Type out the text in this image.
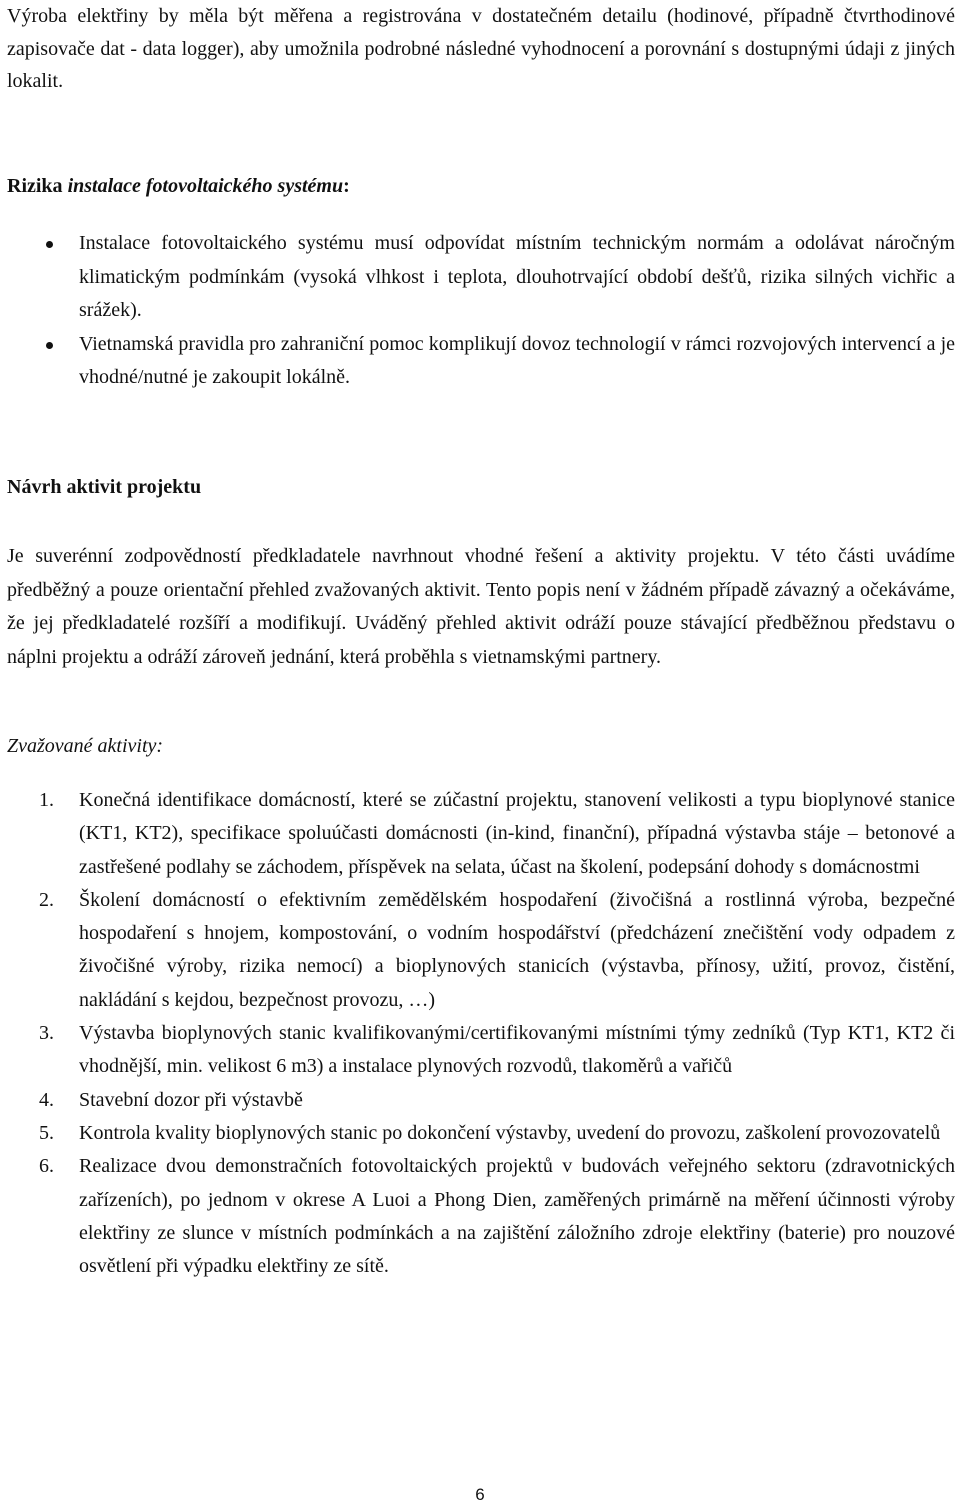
Výroba elektřiny by měla být měřena a registrována v dostatečném detailu (hodinové, případně čtvrthodinové zapisovače dat - data logger), aby umožnila podrobné následné vyhodnocení a porovnání s dostupnými údaji z jiných lokalit.

Rizika instalace fotovoltaického systému:
Instalace fotovoltaického systému musí odpovídat místním technickým normám a odolávat náročným klimatickým podmínkám (vysoká vlhkost i teplota, dlouhotrvající období dešťů, rizika silných vichřic a srážek).
Vietnamská pravidla pro zahraniční pomoc komplikují dovoz technologií v rámci rozvojových intervencí a je vhodné/nutné je zakoupit lokálně.
Návrh aktivit projektu

Je suverénní zodpovědností předkladatele navrhnout vhodné řešení a aktivity projektu. V této části uvádíme předběžný a pouze orientační přehled zvažovaných aktivit. Tento popis není v žádném případě závazný a očekáváme, že jej předkladatelé rozšíří a modifikují. Uváděný přehled aktivit odráží pouze stávající předběžnou představu o náplni projektu a odráží zároveň jednání, která proběhla s vietnamskými partnery.

Zvažované aktivity:
1. Konečná identifikace domácností, které se zúčastní projektu, stanovení velikosti a typu bioplynové stanice (KT1, KT2), specifikace spoluúčasti domácnosti (in-kind, finanční), případná výstavba stáje – betonové a zastřešené podlahy se záchodem, příspěvek na selata, účast na školení, podepsání dohody s domácnostmi
2. Školení domácností o efektivním zemědělském hospodaření (živočišná a rostlinná výroba, bezpečné hospodaření s hnojem, kompostování, o vodním hospodářství (předcházení znečištění vody odpadem z živočišné výroby, rizika nemocí) a bioplynových stanicích (výstavba, přínosy, užití, provoz, čistění, nakládání s kejdou, bezpečnost provozu, …)
3. Výstavba bioplynových stanic kvalifikovanými/certifikovanými místními týmy zedníků (Typ KT1, KT2 či vhodnější, min. velikost 6 m3) a instalace plynových rozvodů, tlakoměrů a vařičů
4. Stavební dozor při výstavbě
5. Kontrola kvality bioplynových stanic po dokončení výstavby, uvedení do provozu, zaškolení provozovatelů
6. Realizace dvou demonstračních fotovoltaických projektů v budovách veřejného sektoru (zdravotnických zařízeních), po jednom v okrese A Luoi a Phong Dien, zaměřených primárně na měření účinnosti výroby elektřiny ze slunce v místních podmínkách a na zajištění záložního zdroje elektřiny (baterie) pro nouzové osvětlení při výpadku elektřiny ze sítě.
6
